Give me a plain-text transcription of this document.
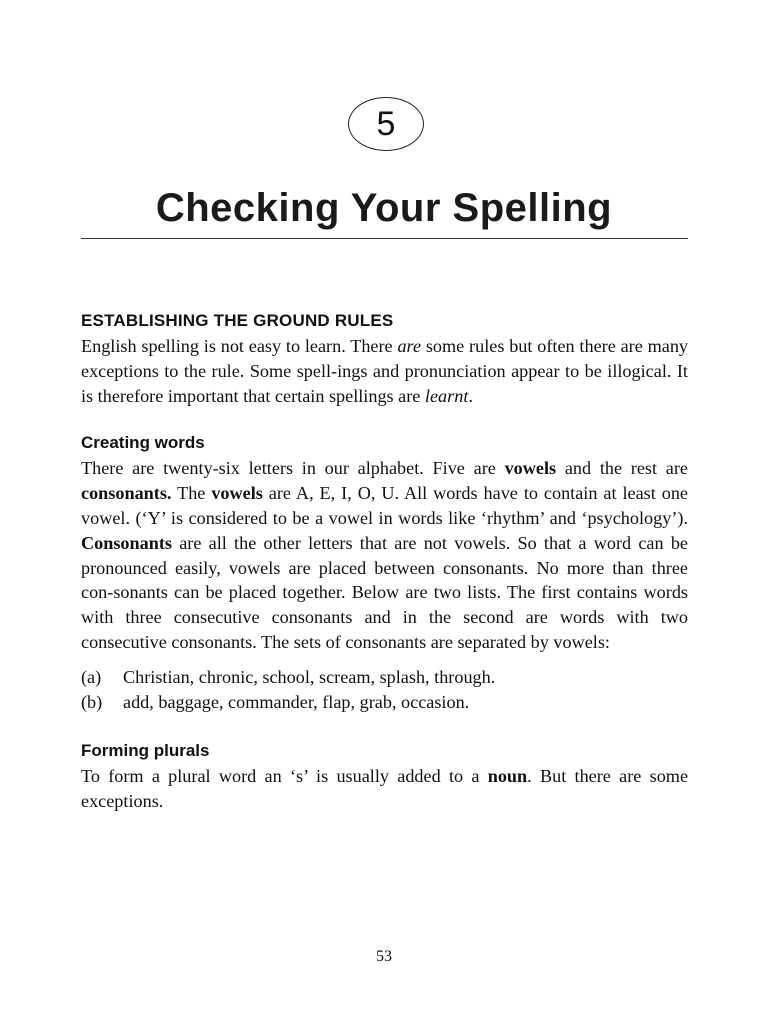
5
Checking Your Spelling
ESTABLISHING THE GROUND RULES

English spelling is not easy to learn. There are some rules but often there are many exceptions to the rule. Some spell-ings and pronunciation appear to be illogical. It is therefore important that certain spellings are learnt.

Creating words

There are twenty-six letters in our alphabet. Five are vowels and the rest are consonants. The vowels are A, E, I, O, U. All words have to contain at least one vowel. (‘Y’ is considered to be a vowel in words like ‘rhythm’ and ‘psychology’). Consonants are all the other letters that are not vowels. So that a word can be pronounced easily, vowels are placed between consonants. No more than three con-sonants can be placed together. Below are two lists. The first contains words with three consecutive consonants and in the second are words with two consecutive consonants. The sets of consonants are separated by vowels:

(a)	Christian, chronic, school, scream, splash, through.
(b)	add, baggage, commander, flap, grab, occasion.
Forming plurals

To form a plural word an ‘s’ is usually added to a noun. But there are some exceptions.

53
